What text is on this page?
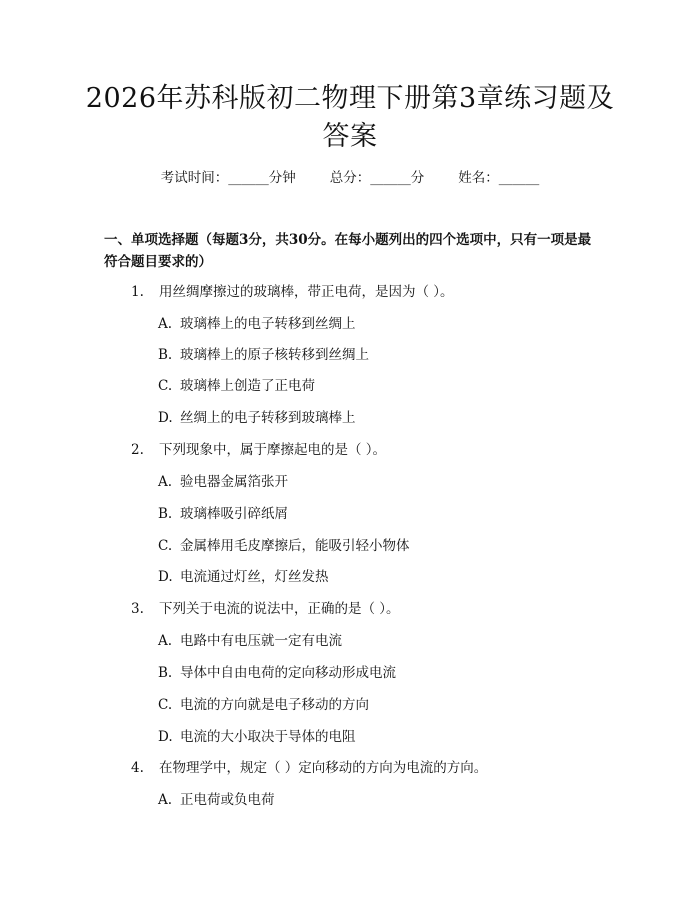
2026年苏科版初二物理下册第3章练习题及答案
考试时间：______分钟	总分：______分	姓名：______
一、单项选择题（每题3分，共30分。在每小题列出的四个选项中，只有一项是最符合题目要求的）
1. 用丝绸摩擦过的玻璃棒，带正电荷，是因为（ ）。
A. 玻璃棒上的电子转移到丝绸上
B. 玻璃棒上的原子核转移到丝绸上
C. 玻璃棒上创造了正电荷
D. 丝绸上的电子转移到玻璃棒上
2. 下列现象中，属于摩擦起电的是（ ）。
A. 验电器金属箔张开
B. 玻璃棒吸引碎纸屑
C. 金属棒用毛皮摩擦后，能吸引轻小物体
D. 电流通过灯丝，灯丝发热
3. 下列关于电流的说法中，正确的是（ ）。
A. 电路中有电压就一定有电流
B. 导体中自由电荷的定向移动形成电流
C. 电流的方向就是电子移动的方向
D. 电流的大小取决于导体的电阻
4. 在物理学中，规定（ ）定向移动的方向为电流的方向。
A. 正电荷或负电荷
